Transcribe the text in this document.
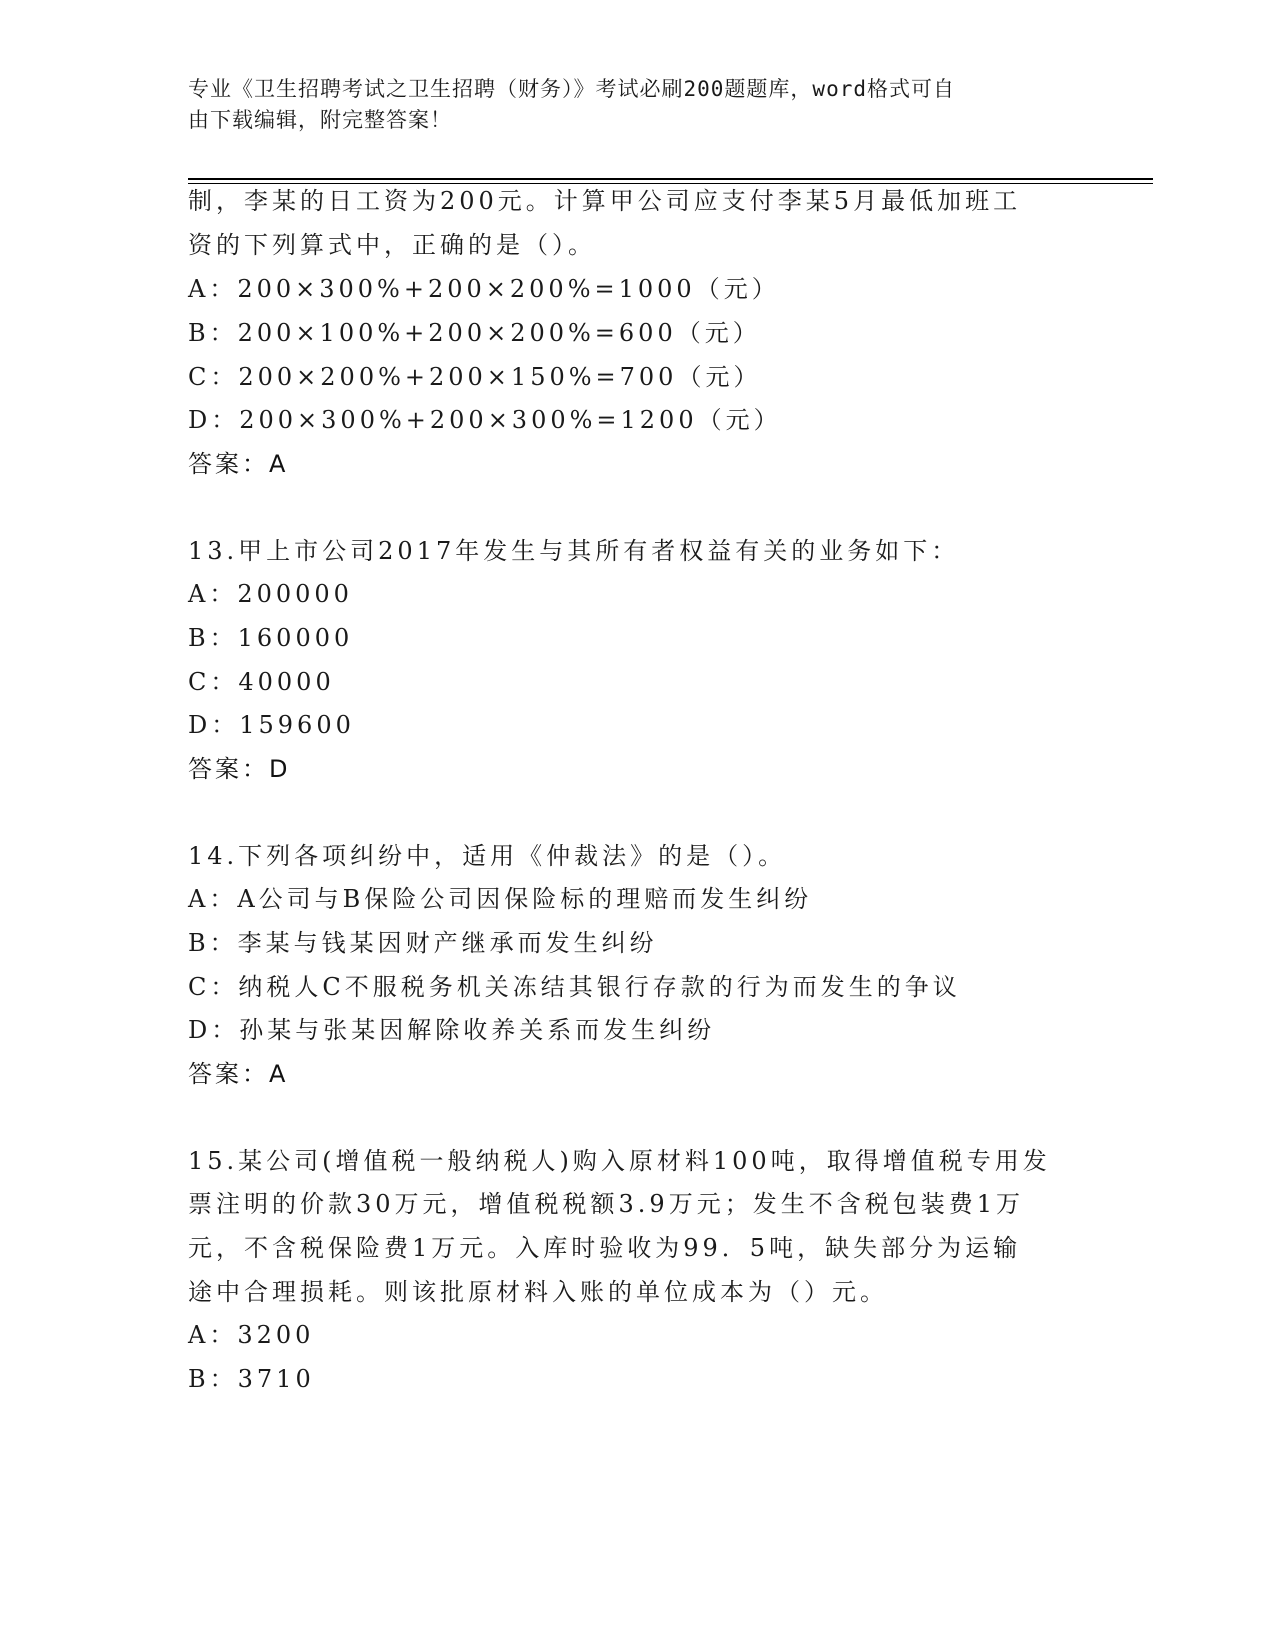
专业《卫生招聘考试之卫生招聘（财务）》考试必刷200题题库，word格式可自
由下载编辑，附完整答案！
制，李某的日工资为200元。计算甲公司应支付李某5月最低加班工
资的下列算式中，正确的是（）。
A：200×300%+200×200%=1000（元）
B：200×100%+200×200%=600（元）
C：200×200%+200×150%=700（元）
D：200×300%+200×300%=1200（元）
答案：A
13.甲上市公司2017年发生与其所有者权益有关的业务如下：
A：200000
B：160000
C：40000
D：159600
答案：D
14.下列各项纠纷中，适用《仲裁法》的是（）。
A：A公司与B保险公司因保险标的理赔而发生纠纷
B：李某与钱某因财产继承而发生纠纷
C：纳税人C不服税务机关冻结其银行存款的行为而发生的争议
D：孙某与张某因解除收养关系而发生纠纷
答案：A
15.某公司(增值税一般纳税人)购入原材料100吨，取得增值税专用发
票注明的价款30万元，增值税税额3.9万元；发生不含税包装费1万
元，不含税保险费1万元。入库时验收为99．5吨，缺失部分为运输
途中合理损耗。则该批原材料入账的单位成本为（）元。
A：3200
B：3710
